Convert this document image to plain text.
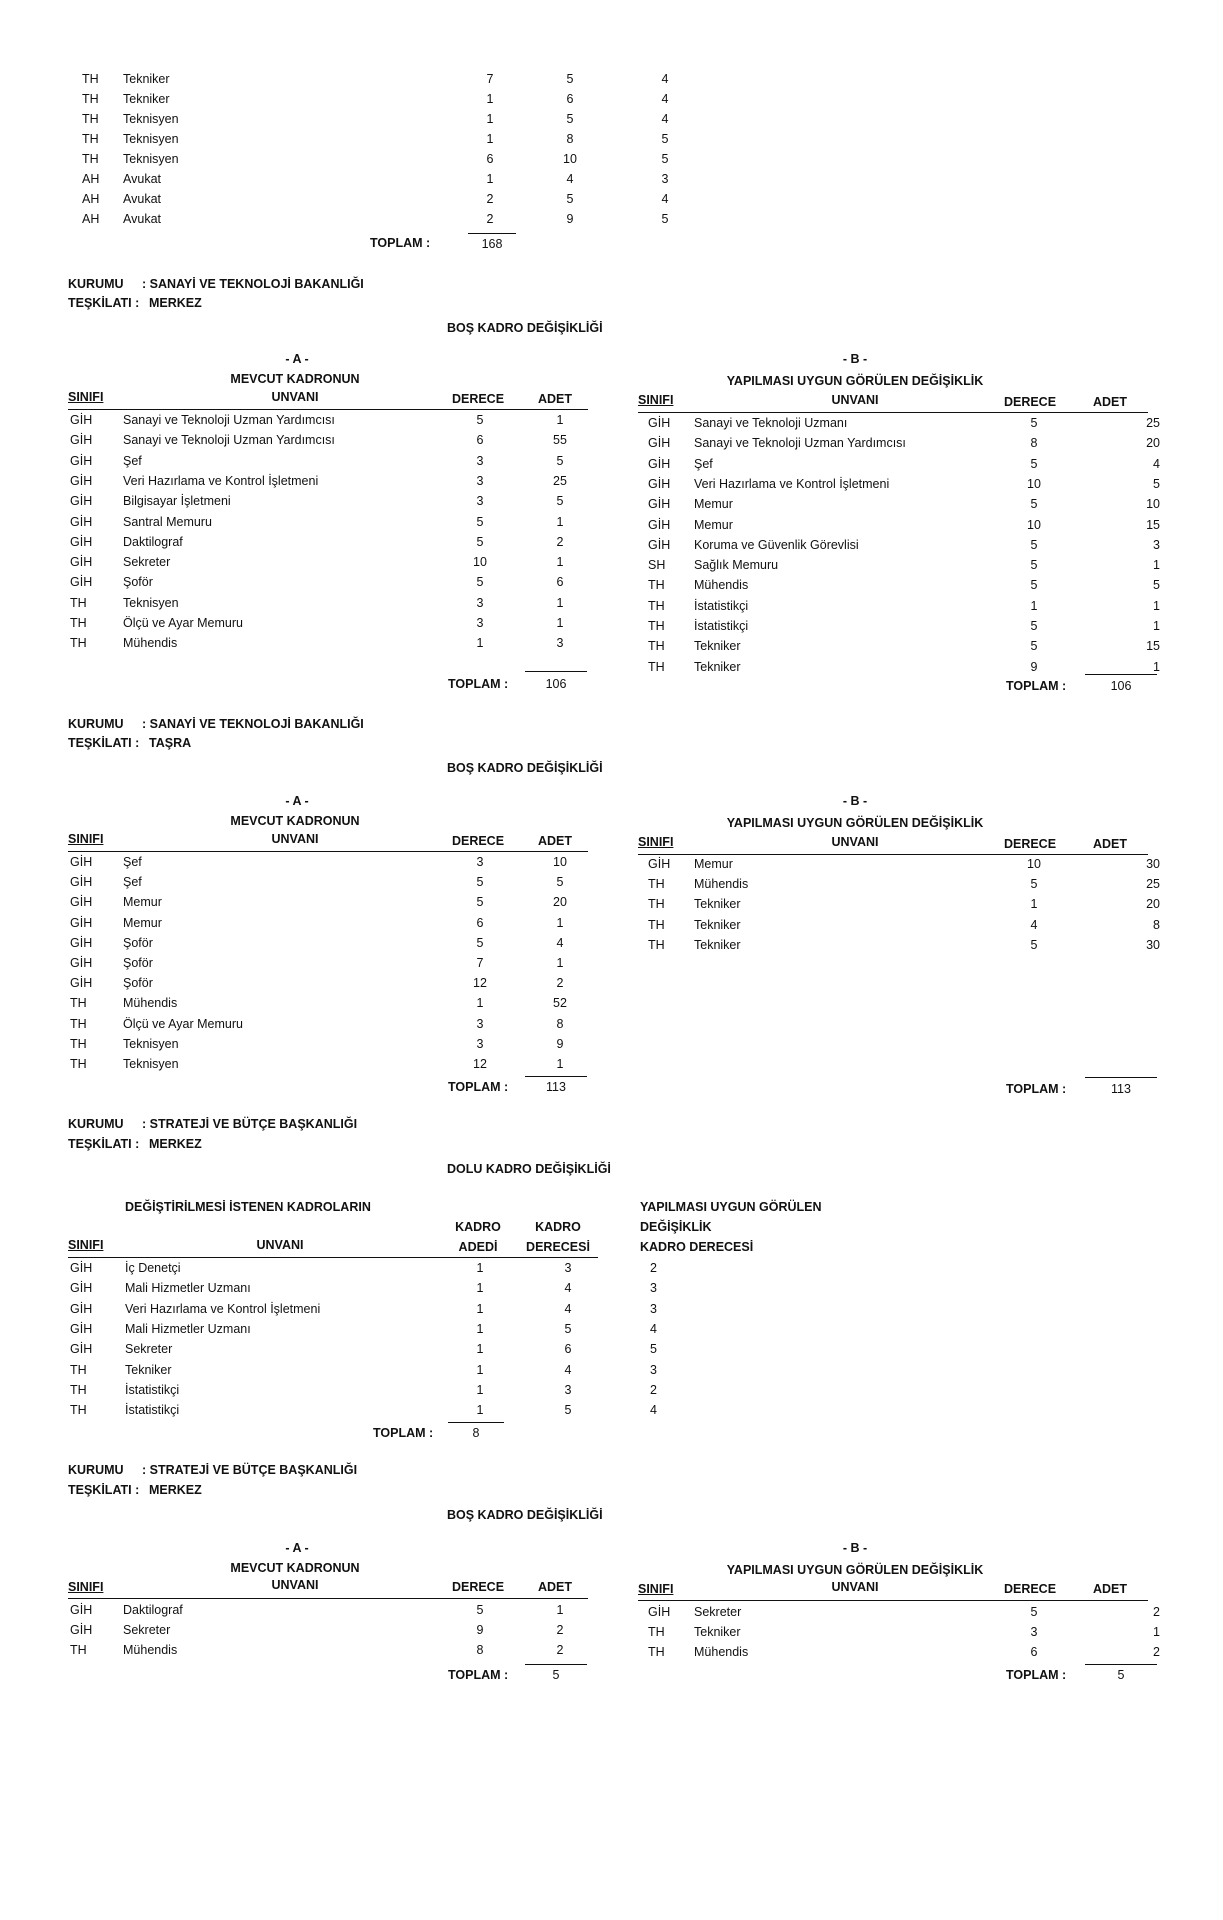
TH Tekniker	7	5	4
TH Tekniker	1	6	4
TH Teknisyen	1	5	4
TH Teknisyen	1	8	5
TH Teknisyen	6	10	5
AH Avukat	1	4	3
AH Avukat	2	5	4
AH Avukat	2	9	5
TOPLAM :	168
KURUMU : SANAYİ VE TEKNOLOJİ BAKANLIĞI
TEŞKİLATI : MERKEZ
BOŞ KADRO DEĞİŞİKLİĞİ
- A -
MEVCUT KADRONUN
SINIFI	UNVANI	DERECE	ADET
GİH	Sanayi ve Teknoloji Uzman Yardımcısı	5	1
GİH	Sanayi ve Teknoloji Uzman Yardımcısı	6	55
GİH	Şef	3	5
GİH	Veri Hazırlama ve Kontrol İşletmeni	3	25
GİH	Bilgisayar İşletmeni	3	5
GİH	Santral Memuru	5	1
GİH	Daktilograf	5	2
GİH	Sekreter	10	1
GİH	Şoför	5	6
TH	Teknisyen	3	1
TH	Ölçü ve Ayar Memuru	3	1
TH	Mühendis	1	3
TOPLAM :	106
- B -
YAPILMASI UYGUN GÖRÜLEN DEĞİŞİKLİK
SINIFI	UNVANI	DERECE	ADET
GİH	Sanayi ve Teknoloji Uzmanı	5	25
GİH	Sanayi ve Teknoloji Uzman Yardımcısı	8	20
GİH	Şef	5	4
GİH	Veri Hazırlama ve Kontrol İşletmeni	10	5
GİH	Memur	5	10
GİH	Memur	10	15
GİH	Koruma ve Güvenlik Görevlisi	5	3
SH	Sağlık Memuru	5	1
TH	Mühendis	5	5
TH	İstatistikçi	1	1
TH	İstatistikçi	5	1
TH	Tekniker	5	15
TH	Tekniker	9	1
TOPLAM :	106
KURUMU : SANAYİ VE TEKNOLOJİ BAKANLIĞI
TEŞKİLATI : TAŞRA
BOŞ KADRO DEĞİŞİKLİĞİ
- A -
MEVCUT KADRONUN
SINIFI	UNVANI	DERECE	ADET
GİH	Şef	3	10
GİH	Şef	5	5
GİH	Memur	5	20
GİH	Memur	6	1
GİH	Şoför	5	4
GİH	Şoför	7	1
GİH	Şoför	12	2
TH	Mühendis	1	52
TH	Ölçü ve Ayar Memuru	3	8
TH	Teknisyen	3	9
TH	Teknisyen	12	1
TOPLAM :	113
- B -
YAPILMASI UYGUN GÖRÜLEN DEĞİŞİKLİK
SINIFI	UNVANI	DERECE	ADET
GİH	Memur	10	30
TH	Mühendis	5	25
TH	Tekniker	1	20
TH	Tekniker	4	8
TH	Tekniker	5	30
TOPLAM :	113
KURUMU : STRATEJİ VE BÜTÇE BAŞKANLIĞI
TEŞKİLATI : MERKEZ
DOLU KADRO DEĞİŞİKLİĞİ
DEĞİŞTİRİLMESİ İSTENEN KADROLARIN
KADRO	KADRO
SINIFI	UNVANI	ADEDİ	DERECESİ
YAPILMASI UYGUN GÖRÜLEN
DEĞİŞİKLİK
KADRO DERECESİ
GİH	İç Denetçi	1	3	2
GİH	Mali Hizmetler Uzmanı	1	4	3
GİH	Veri Hazırlama ve Kontrol İşletmeni	1	4	3
GİH	Mali Hizmetler Uzmanı	1	5	4
GİH	Sekreter	1	6	5
TH	Tekniker	1	4	3
TH	İstatistikçi	1	3	2
TH	İstatistikçi	1	5	4
TOPLAM :	8
KURUMU : STRATEJİ VE BÜTÇE BAŞKANLIĞI
TEŞKİLATI : MERKEZ
BOŞ KADRO DEĞİŞİKLİĞİ
- A -
MEVCUT KADRONUN
SINIFI	UNVANI	DERECE	ADET
GİH	Daktilograf	5	1
GİH	Sekreter	9	2
TH	Mühendis	8	2
TOPLAM :	5
- B -
YAPILMASI UYGUN GÖRÜLEN DEĞİŞİKLİK
SINIFI	UNVANI	DERECE	ADET
GİH	Sekreter	5	2
TH	Tekniker	3	1
TH	Mühendis	6	2
TOPLAM :	5
